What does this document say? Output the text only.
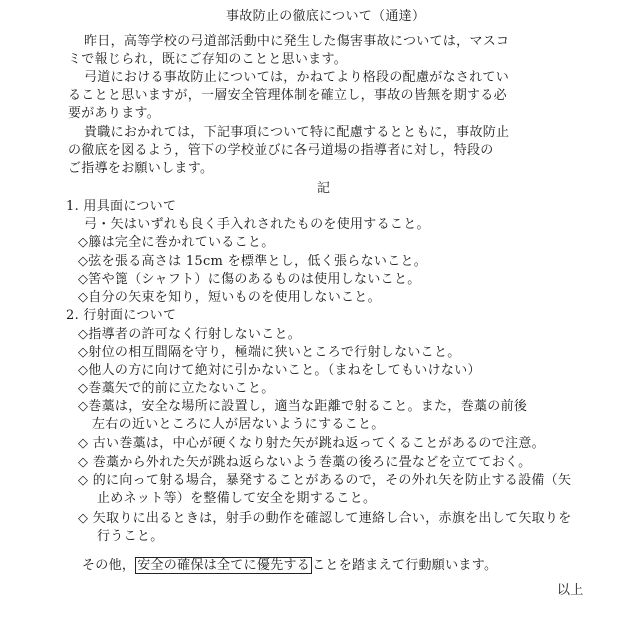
事故防止の徹底について（通達）
昨日，高等学校の弓道部活動中に発生した傷害事故については，マスコ
ミで報じられ，既にご存知のことと思います。
弓道における事故防止については，かねてより格段の配慮がなされてい
ることと思いますが，一層安全管理体制を確立し，事故の皆無を期する必
要があります。
貴職におかれては，下記事項について特に配慮するとともに，事故防止
の徹底を図るよう，管下の学校並びに各弓道場の指導者に対し，特段の
ご指導をお願いします。
記
1. 用具面について
弓・矢はいずれも良く手入れされたものを使用すること。
◇籐は完全に巻かれていること。
◇弦を張る高さは 15cm を標準とし，低く張らないこと。
◇筈や篦（シャフト）に傷のあるものは使用しないこと。
◇自分の矢束を知り，短いものを使用しないこと。
2. 行射面について
◇指導者の許可なく行射しないこと。
◇射位の相互間隔を守り，極端に狭いところで行射しないこと。
◇他人の方に向けて絶対に引かないこと。（まねをしてもいけない）
◇巻藁矢で的前に立たないこと。
◇巻藁は，安全な場所に設置し，適当な距離で射ること。また，巻藁の前後
左右の近いところに人が居ないようにすること。
◇ 古い巻藁は，中心が硬くなり射た矢が跳ね返ってくることがあるので注意。
◇ 巻藁から外れた矢が跳ね返らないよう巻藁の後ろに畳などを立てておく。
◇ 的に向って射る場合，暴発することがあるので，その外れ矢を防止する設備（矢
止めネット等）を整備して安全を期すること。
◇ 矢取りに出るときは，射手の動作を確認して連絡し合い，赤旗を出して矢取りを
行うこと。
その他， 安全の確保は全てに優先する ことを踏まえて行動願います。
以上
